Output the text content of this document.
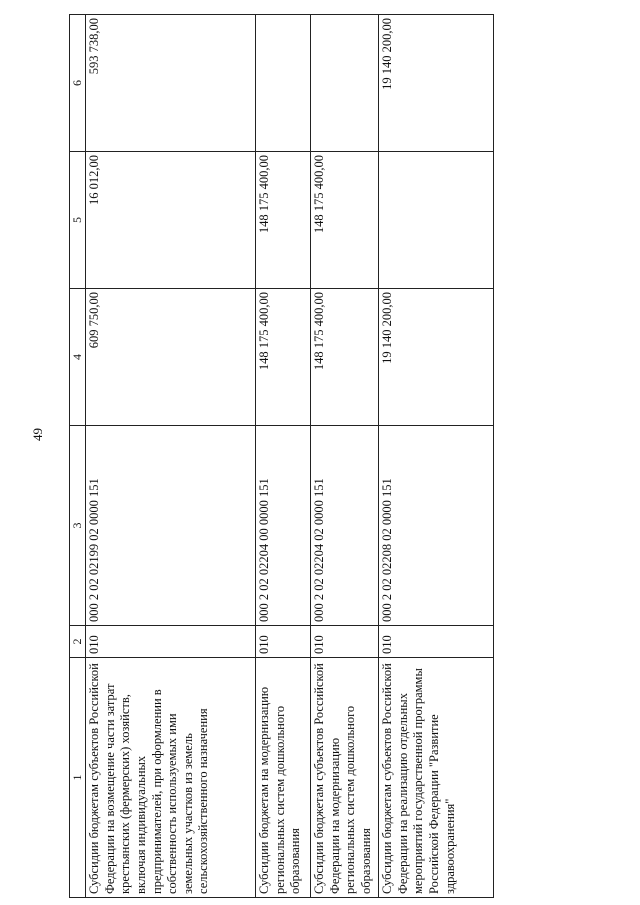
49
1	2	3	4	5	6
Субсидии бюджетам субъектов Российской Федерации на возмещение части затрат крестьянских (фермерских) хозяйств, включая индивидуальных предпринимателей, при оформлении в собственность используемых ими земельных участков из земель сельскохозяйственного назначения	010	000 2 02 02199 02 0000 151	609 750,00	16 012,00	593 738,00
Субсидии бюджетам на модернизацию региональных систем дошкольного образования	010	000 2 02 02204 00 0000 151	148 175 400,00	148 175 400,00	
Субсидии бюджетам субъектов Российской Федерации на модернизацию региональных систем дошкольного образования	010	000 2 02 02204 02 0000 151	148 175 400,00	148 175 400,00	
Субсидии бюджетам субъектов Российской Федерации на реализацию отдельных мероприятий государственной программы Российской Федерации "Развитие здравоохранения"	010	000 2 02 02208 02 0000 151	19 140 200,00		19 140 200,00
